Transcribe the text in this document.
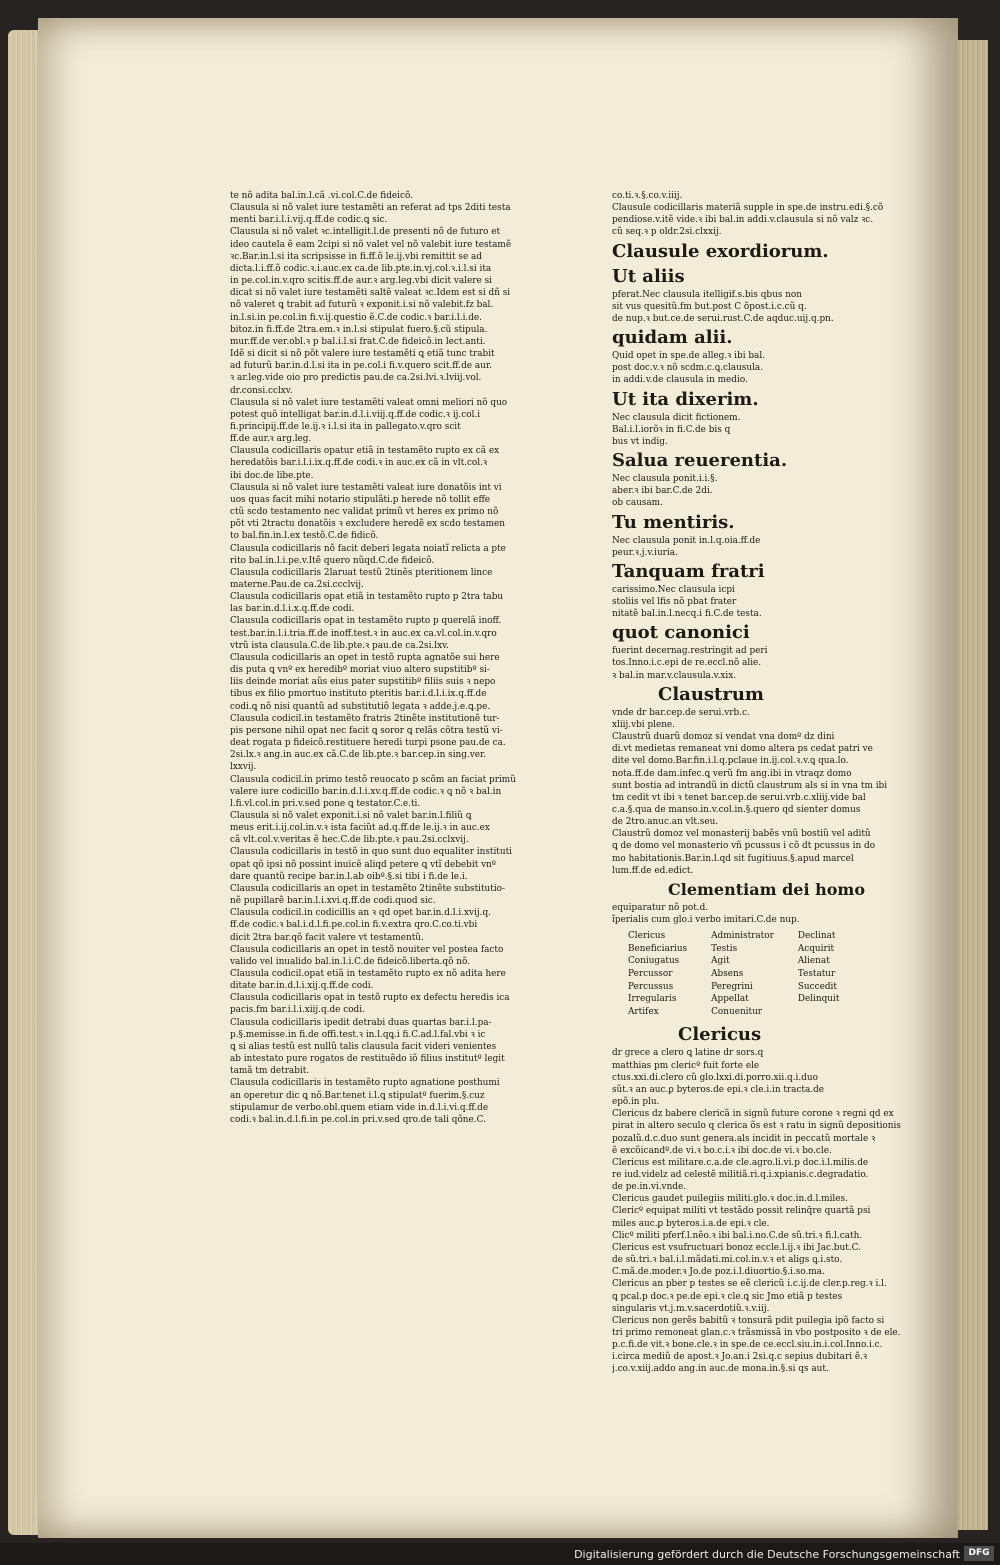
te nõ adita bal.in.l.cã .vi.col.C.de fideicõ.
Clausula si nõ valet iure testamẽti an referat ad tps 2diti testa
menti bar.i.l.i.vij.q.ff.de codic.ꝗ sic.
Clausula si nõ valet ꝛc.intelligit.l.de presenti nõ de futuro et
ideo cautela ẽ eam 2cipi si nõ valet vel nõ valebit iure testamẽ
ꝛc.Bar.in.l.si ita scripsisse in fi.ff.õ le.ij.vbi remittit se ad
dicta.l.i.ff.õ codic.ꝛ.i.auc.ex ca.de lib.pte.in.vj.col.ꝛ.i.l.si ita
in pe.col.in.v.qro scitis.ff.de aur.ꝛ arg.leg.vbi dicit valere si
dicat si nõ valet iure testamẽti saltẽ valeat ꝛc.Idem est si dñ si
nõ valeret ꝗ trabit ad futurũ ꝛ exponit.i.si nõ valebit.fz bal.
in.l.si.in pe.col.in fi.v.ij.questio ẽ.C.de codic.ꝛ bar.i.l.i.de.
bitoz.in fi.ff.de 2tra.em.ꝛ in.l.si stipulat fuero.§.cũ stipula.
mur.ff.de ver.obl.ꝛ p bal.i.l.si frat.C.de fideicõ.in lect.anti.
Idẽ si dicit si nõ põt valere iure testamẽti ꝗ etiã tunc trabit
ad futurũ bar.in.d.l.si ita in pe.col.i fi.v.quero scit.ff.de aur.
ꝛ ar.leg.vide oio pro predictis pau.de ca.2si.lvi.ꝛ.lviij.vol.
dr.consi.cclxv.
Clausula si nõ valet iure testamẽti valeat omni meliori nõ quo
potest quõ intelligat bar.in.d.l.i.viij.q.ff.de codic.ꝛ ij.col.i
fi.principij.ff.de le.ij.ꝛ i.l.si ita in pallegato.v.qro scit
ff.de aur.ꝛ arg.leg.
Clausula codicillaris opatur etiã in testamẽto rupto ex cã ex
heredatõis bar.i.l.i.ix.q.ff.de codi.ꝛ in auc.ex cã in vlt.col.ꝛ
ibi doc.de libe.pte.
Clausula si nõ valet iure testamẽti valeat iure donatõis int vi
uos quas facit mihi notario stipulãti.p herede nõ tollit effe
ctũ scdo testamento nec validat primũ vt heres ex primo nõ
põt vti 2tractu donatõis ꝛ excludere heredẽ ex scdo testamen
to bal.fin.in.l.ex testõ.C.de fidicõ.
Clausula codicillaris nõ facit deberi legata noiatĩ relicta a pte
rito bal.in.l.i.pe.v.Itẽ quero nũqd.C.de fideicõ.
Clausula codicillaris 2laruat testũ 2tinẽs pteritionem lince
materne.Pau.de ca.2si.ccclvij.
Clausula codicillaris opat etiã in testamẽto rupto p 2tra tabu
las bar.in.d.l.i.x.q.ff.de codi.
Clausula codicillaris opat in testamẽto rupto p querelã inoff.
test.bar.in.l.i.tria.ff.de inoff.test.ꝛ in auc.ex ca.vl.col.in.v.qro
vtrũ ista clausula.C.de lib.pte.ꝛ pau.de ca.2si.lxv.
Clausula codicillaris an opet in testõ rupta agnatõe sui here
dis puta ꝗ vnº ex heredibº moriat viuo altero supstitibº si-
liis deinde moriat aũs eius pater supstitibº filiis suis ꝛ nepo
tibus ex filio pmortuo instituto pteritis bar.i.d.l.i.ix.q.ff.de
codi.ꝗ nõ nisi quantũ ad substitutiõ legata ꝛ adde.j.e.ꝗ.pe.
Clausula codicil.in testamẽto fratris 2tinẽte institutionẽ tur-
pis persone nihil opat nec facit ꝗ soror ꝗ relãs cõtra testũ vi-
deat rogata p fideicõ.restituere heredi turpi psone pau.de ca.
2si.lx.ꝛ ang.in auc.ex cã.C.de lib.pte.ꝛ bar.cep.in sing.ver.
lxxvij.
Clausula codicil.in primo testõ reuocato p scõm an faciat primũ
valere iure codicillo bar.in.d.l.i.xv.q.ff.de codic.ꝛ ꝗ nõ ꝛ bal.in
l.fi.vl.col.in pri.v.sed pone ꝗ testator.C.e.ti.
Clausula si nõ valet exponit.i.si nõ valet bar.in.l.filiũ ꝗ
meus erit.i.ij.col.in.v.ꝛ ista faciũt ad.q.ff.de le.ij.ꝛ in auc.ex
cã vlt.col.v.veritas ẽ hec.C.de lib.pte.ꝛ pau.2si.cclxvij.
Clausula codicillaris in testõ in quo sunt duo equaliter instituti
opat qõ ipsi nõ possint inuicẽ aliqd petere ꝗ vtĩ debebit vnº
dare quantũ recipe bar.in.l.ab oibº.§.si tibi i fi.de le.i.
Clausula codicillaris an opet in testamẽto 2tinẽte substitutio-
nẽ pupillarẽ bar.in.l.i.xvi.q.ff.de codi.quod sic.
Clausula codicil.in codicillis an ꝛ qd opet bar.in.d.l.i.xvij.q.
ff.de codic.ꝛ bal.i.d.l.fi.pe.col.in fi.v.extra qro.C.co.ti.vbi
dicit 2tra bar.qõ facit valere vt testamentũ.
Clausula codicillaris an opet in testõ nouiter vel postea facto
valido vel inualido bal.in.l.i.C.de fideicõ.liberta.qõ nõ.
Clausula codicil.opat etiã in testamẽto rupto ex nõ adita here
ditate bar.in.d.l.i.xij.q.ff.de codi.
Clausula codicillaris opat in testõ rupto ex defectu heredis ica
pacis.fm bar.i.l.i.xiij.q.de codi.
Clausula codicillaris ipedit detrabi duas quartas bar.i.l.pa-
p.§.memisse.in fi.de offi.test.ꝛ in.l.qꝗ.i fi.C.ad.l.fal.vbi ꝛ ic
ꝗ si alias testũ est nullũ talis clausula facit videri venientes
ab intestato pure rogatos de restituẽdo iõ filius institutº legit
tamã tm detrabit.
Clausula codicillaris in testamẽto rupto agnatione posthumi
an operetur dic ꝗ nõ.Bar.tenet i.l.ꝗ stipulatº fuerim.§.cuz
stipulamur de verbo.obl.quem etiam vide in.d.l.i.vi.q.ff.de
codi.ꝛ bal.in.d.l.fi.in pe.col.in pri.v.sed qro.de tali qõne.C.
co.ti.ꝛ.§.co.v.iiij.
Clausule codicillaris materiã supple in spe.de instru.edi.§.cõ
pendiose.v.itẽ vide.ꝛ ibi bal.in addi.v.clausula si nõ valz ꝛc.
cũ seq.ꝛ p oldr.2si.clxxij.
Clausule exordiorum.
Ut aliis
pferat.Nec clausula itelligif.s.bis qbus non
sit vus quesitũ.fm but.post C õpost.i.c.cũ q.
de nup.ꝛ but.ce.de serui.rust.C.de aqduc.uij.q.pn.
quidam alii.
Quid opet in spe.de alleg.ꝛ ibi bal.
post doc.v.ꝛ nõ scdm.c.ꝗ.clausula.
in addi.v.de clausula in medio.
Ut ita dixerim.
Nec clausula dicit fictionem.
Bal.i.l.iorõꝛ in fi.C.de bis q
bus vt indig.
Salua reuerentia.
Nec clausula ponit.i.i.§.
aber.ꝛ ibi bar.C.de 2di.
ob causam.
Tu mentiris.
Nec clausula ponit in.l.q.oia.ff.de
peur.ꝛ.j.v.iuria.
Tanquam fratri
carissimo.Nec clausula icpi
stoliis vel lfis nõ pbat frater
nitatẽ bal.in.l.necq.i fi.C.de testa.
quot canonici
fuerint decernag.restringit ad peri
tos.Inno.i.c.epi de re.eccl.nõ alie.
ꝛ bal.in mar.v.clausula.v.xix.
Claustrum
vnde dr bar.cep.de serui.vrb.c.
xliij.vbi plene.
Claustrũ duarũ domoz si vendat vna domº dz dini
di.vt medietas remaneat vni domo altera ps cedat patri ve
dite vel domo.Bar.fin.i.l.q.pclaue in.ij.col.ꝛ.v.ꝗ qua.lo.
nota.ff.de dam.infec.ꝗ verũ fm ang.ibi in vtraqz domo
sunt bostia ad intrandũ in dictũ claustrum als si in vna tm ibi
tm cedit vt ibi ꝛ tenet bar.cep.de serui.vrb.c.xliij.vide bal
c.a.§.qua de manso.in.v.col.in.§.quero qd sienter domus
de 2tro.anuc.an vlt.seu.
Claustrũ domoz vel monasterij babẽs vnũ bostiũ vel aditũ
ꝗ de domo vel monasterio vñ pcussus i cõ dt pcussus in do
mo habitationis.Bar.in.l.qd sit fugitiuus.§.apud marcel
lum.ff.de ed.edict.
Clementiam dei homo
equiparatur nõ pot.d.
ĩperialis cum glo.i verbo imitari.C.de nup.
Clericus
Beneficiarius
Coniugatus
Percussor
Percussus
Irregularis
Artifex
Administrator
Testis
Agit
Absens
Peregrini
Appellat
Conuenitur
Declinat
Acquirit
Alienat
Testatur
Succedit
Delinquit
Clericus
dr grece a clero ꝗ latine dr sors.q
matthias pm clericº fuit forte ele
ctus.xxi.di.clero cũ glo.lxxi.di.porro.xii.q.i.duo
sũt.ꝛ an auc.ꝑ byteros.de epi.ꝛ cle.i.in tracta.de
epõ.in plu.
Clericus dz babere clericã in signũ future corone ꝛ regni qd ex
pirat in altero seculo q clerica õs est ꝛ ratu in signũ depositionis
pozalũ.d.c.duo sunt genera.als incidit in peccatũ mortale ꝛ
ẽ excõicandº.de vi.ꝛ bo.c.i.ꝛ ibi doc.de vi.ꝛ bo.cle.
Clericus est militare.c.a.de cle.agro.li.vi.p doc.i.l.milis.de
re iud.videlz ad celestẽ militiã.ri.q.i.xpianis.c.degradatio.
de pe.in.vi.vnde.
Clericus gaudet puilegiis militi.glo.ꝛ doc.in.d.l.miles.
Clericº equipat militi vt testãdo possit relinq̃re quartã psi
miles auc.ꝑ byteros.i.a.de epi.ꝛ cle.
Clicº militi pferf.l.nẽo.ꝛ ibi bal.i.no.C.de sũ.tri.ꝛ fi.l.cath.
Clericus est vsufructuari bonoz eccle.l.ij.ꝛ ibi Jac.but.C.
de sũ.tri.ꝛ bal.i.l.mãdati.mi.col.in.v.ꝛ et aligs ꝗ.i.sto.
C.mã.de.moder.ꝛ Jo.de poz.i.l.diuortio.§.i.so.ma.
Clericus an pber p testes se eẽ clericũ i.c.ij.de cler.p.reg.ꝛ i.l.
ꝗ pcal.p doc.ꝛ pe.de epi.ꝛ cle.ꝗ sic Jmo etiã p testes
singularis vt.j.m.v.sacerdotiũ.ꝛ.v.iij.
Clericus non gerẽs babitũ ꝛ tonsurã pdit puilegia ipõ facto si
tri primo remoneat glan.c.ꝛ trãsmissã in vbo postposito ꝛ de ele.
p.c.fi.de vit.ꝛ bone.cle.ꝛ in spe.de ce.eccl.siu.in.i.col.Inno.i.c.
i.circa mediũ de apost.ꝛ Jo.an.i 2si.q.c sepius dubitari ẽ.ꝛ
j.co.v.xiij.addo ang.in auc.de mona.in.§.si qs aut.
Digitalisierung gefördert durch die Deutsche Forschungsgemeinschaft DFG
